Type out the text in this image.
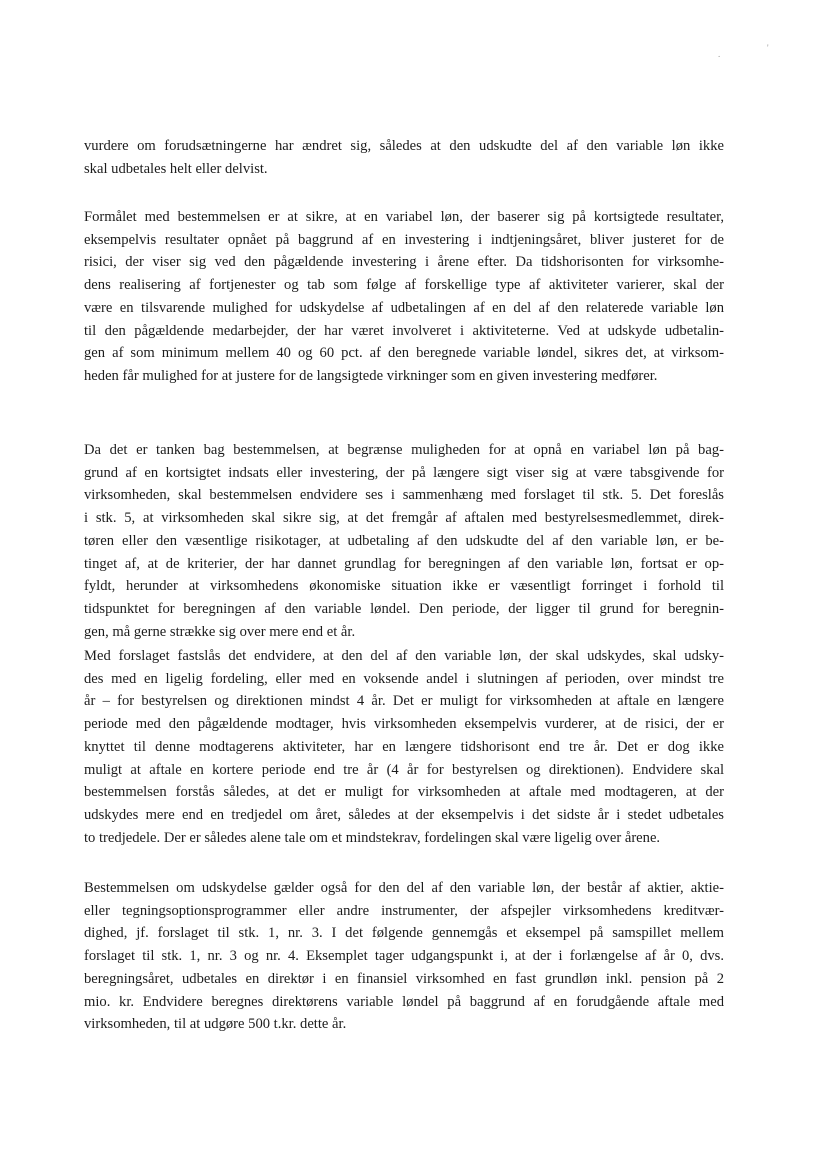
.
'

vurdere om forudsætningerne har ændret sig, således at den udskudte del af den variable løn ikke
skal udbetales helt eller delvist.

Formålet med bestemmelsen er at sikre, at en variabel løn, der baserer sig på kortsigtede resultater,
eksempelvis resultater opnået på baggrund af en investering i indtjeningsåret, bliver justeret for de
risici, der viser sig ved den pågældende investering i årene efter. Da tidshorisonten for virksomhe-
dens realisering af fortjenester og tab som følge af forskellige type af aktiviteter varierer, skal der
være en tilsvarende mulighed for udskydelse af udbetalingen af en del af den relaterede variable løn
til den pågældende medarbejder, der har været involveret i aktiviteterne. Ved at udskyde udbetalin-
gen af som minimum mellem 40 og 60 pct. af den beregnede variable løndel, sikres det, at virksom-
heden får mulighed for at justere for de langsigtede virkninger som en given investering medfører.

Da det er tanken bag bestemmelsen, at begrænse muligheden for at opnå en variabel løn på bag-
grund af en kortsigtet indsats eller investering, der på længere sigt viser sig at være tabsgivende for
virksomheden, skal bestemmelsen endvidere ses i sammenhæng med forslaget til stk. 5. Det foreslås
i stk. 5, at virksomheden skal sikre sig, at det fremgår af aftalen med bestyrelsesmedlemmet, direk-
tøren eller den væsentlige risikotager, at udbetaling af den udskudte del af den variable løn, er be-
tinget af, at de kriterier, der har dannet grundlag for beregningen af den variable løn, fortsat er op-
fyldt, herunder at virksomhedens økonomiske situation ikke er væsentligt forringet i forhold til
tidspunktet for beregningen af den variable løndel. Den periode, der ligger til grund for beregnin-
gen, må gerne strække sig over mere end et år.

Med forslaget fastslås det endvidere, at den del af den variable løn, der skal udskydes, skal udsky-
des med en ligelig fordeling, eller med en voksende andel i slutningen af perioden, over mindst tre
år – for bestyrelsen og direktionen mindst 4 år. Det er muligt for virksomheden at aftale en længere
periode med den pågældende modtager, hvis virksomheden eksempelvis vurderer, at de risici, der er
knyttet til denne modtagerens aktiviteter, har en længere tidshorisont end tre år. Det er dog ikke
muligt at aftale en kortere periode end tre år (4 år for bestyrelsen og direktionen). Endvidere skal
bestemmelsen forstås således, at det er muligt for virksomheden at aftale med modtageren, at der
udskydes mere end en tredjedel om året, således at der eksempelvis i det sidste år i stedet udbetales
to tredjedele. Der er således alene tale om et mindstekrav, fordelingen skal være ligelig over årene.

Bestemmelsen om udskydelse gælder også for den del af den variable løn, der består af aktier, aktie-
eller tegningsoptionsprogrammer eller andre instrumenter, der afspejler virksomhedens kreditvær-
dighed, jf. forslaget til stk. 1, nr. 3. I det følgende gennemgås et eksempel på samspillet mellem
forslaget til stk. 1, nr. 3 og nr. 4. Eksemplet tager udgangspunkt i, at der i forlængelse af år 0, dvs.
beregningsåret, udbetales en direktør i en finansiel virksomhed en fast grundløn inkl. pension på 2
mio. kr. Endvidere beregnes direktørens variable løndel på baggrund af en forudgående aftale med
virksomheden, til at udgøre 500 t.kr. dette år.
